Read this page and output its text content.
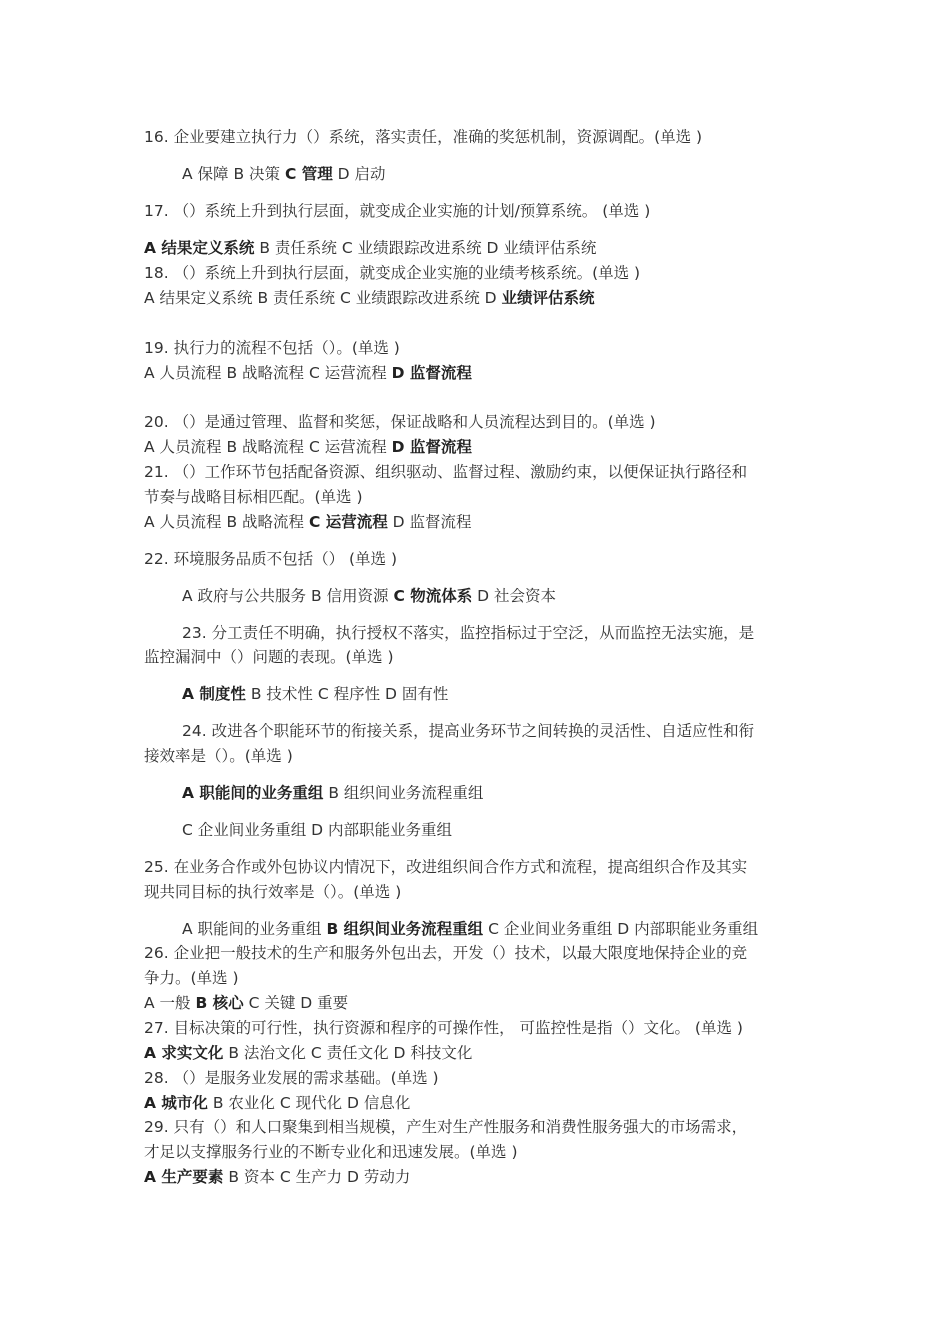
16. 企业要建立执行力（）系统，落实责任，准确的奖惩机制，资源调配。(单选 )
A 保障 B 决策 C 管理 D 启动
17. （）系统上升到执行层面，就变成企业实施的计划/预算系统。 (单选 )
A 结果定义系统 B 责任系统 C 业绩跟踪改进系统 D 业绩评估系统
18. （）系统上升到执行层面，就变成企业实施的业绩考核系统。(单选 )
A 结果定义系统 B 责任系统 C 业绩跟踪改进系统 D 业绩评估系统
19. 执行力的流程不包括（）。(单选 )
A 人员流程 B 战略流程 C 运营流程 D 监督流程
20. （）是通过管理、监督和奖惩，保证战略和人员流程达到目的。(单选 )
A 人员流程 B 战略流程 C 运营流程 D 监督流程
21. （）工作环节包括配备资源、组织驱动、监督过程、激励约束，以便保证执行路径和
节奏与战略目标相匹配。(单选 )
A 人员流程 B 战略流程 C 运营流程 D 监督流程
22. 环境服务品质不包括（） (单选 )
A 政府与公共服务 B 信用资源 C 物流体系 D 社会资本
23. 分工责任不明确，执行授权不落实，监控指标过于空泛，从而监控无法实施，是
监控漏洞中（）问题的表现。(单选 )
A 制度性 B 技术性 C 程序性 D 固有性
24. 改进各个职能环节的衔接关系，提高业务环节之间转换的灵活性、自适应性和衔
接效率是（）。(单选 )
A 职能间的业务重组 B 组织间业务流程重组
C 企业间业务重组 D 内部职能业务重组
25. 在业务合作或外包协议内情况下，改进组织间合作方式和流程，提高组织合作及其实
现共同目标的执行效率是（）。(单选 )
A 职能间的业务重组 B 组织间业务流程重组 C 企业间业务重组 D 内部职能业务重组
26. 企业把一般技术的生产和服务外包出去，开发（）技术，以最大限度地保持企业的竞
争力。(单选 )
A 一般 B 核心 C 关键 D 重要
27. 目标决策的可行性，执行资源和程序的可操作性， 可监控性是指（）文化。 (单选 )
A 求实文化 B 法治文化 C 责任文化 D 科技文化
28. （）是服务业发展的需求基础。(单选 )
A 城市化 B 农业化 C 现代化 D 信息化
29. 只有（）和人口聚集到相当规模，产生对生产性服务和消费性服务强大的市场需求，
才足以支撑服务行业的不断专业化和迅速发展。(单选 )
A 生产要素 B 资本 C 生产力 D 劳动力
